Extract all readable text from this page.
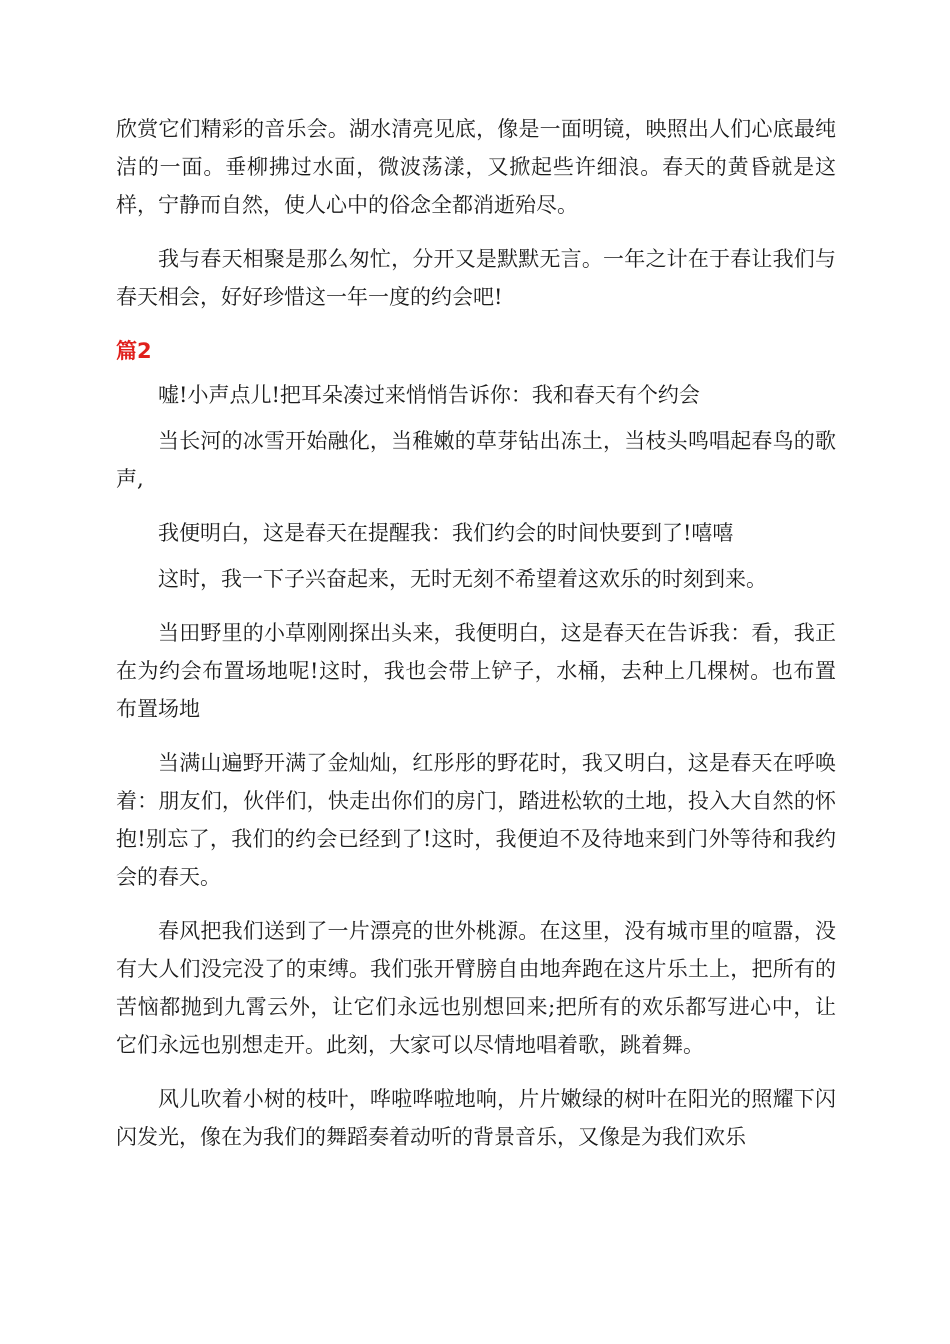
欣赏它们精彩的音乐会。湖水清亮见底，像是一面明镜，映照出人们心底最纯洁的一面。垂柳拂过水面，微波荡漾，又掀起些许细浪。春天的黄昏就是这样，宁静而自然，使人心中的俗念全都消逝殆尽。

我与春天相聚是那么匆忙，分开又是默默无言。一年之计在于春让我们与春天相会，好好珍惜这一年一度的约会吧!

篇2

嘘!小声点儿!把耳朵凑过来悄悄告诉你：我和春天有个约会

当长河的冰雪开始融化，当稚嫩的草芽钻出冻土，当枝头鸣唱起春鸟的歌声,

我便明白，这是春天在提醒我：我们约会的时间快要到了!嘻嘻

这时，我一下子兴奋起来，无时无刻不希望着这欢乐的时刻到来。

当田野里的小草刚刚探出头来，我便明白，这是春天在告诉我：看，我正在为约会布置场地呢!这时，我也会带上铲子，水桶，去种上几棵树。也布置布置场地

当满山遍野开满了金灿灿，红彤彤的野花时，我又明白，这是春天在呼唤着：朋友们，伙伴们，快走出你们的房门，踏进松软的土地，投入大自然的怀抱!别忘了，我们的约会已经到了!这时，我便迫不及待地来到门外等待和我约会的春天。

春风把我们送到了一片漂亮的世外桃源。在这里，没有城市里的喧嚣，没有大人们没完没了的束缚。我们张开臂膀自由地奔跑在这片乐土上，把所有的苦恼都抛到九霄云外，让它们永远也别想回来;把所有的欢乐都写进心中，让它们永远也别想走开。此刻，大家可以尽情地唱着歌，跳着舞。

风儿吹着小树的枝叶，哗啦哗啦地响，片片嫩绿的树叶在阳光的照耀下闪闪发光，像在为我们的舞蹈奏着动听的背景音乐，又像是为我们欢乐
